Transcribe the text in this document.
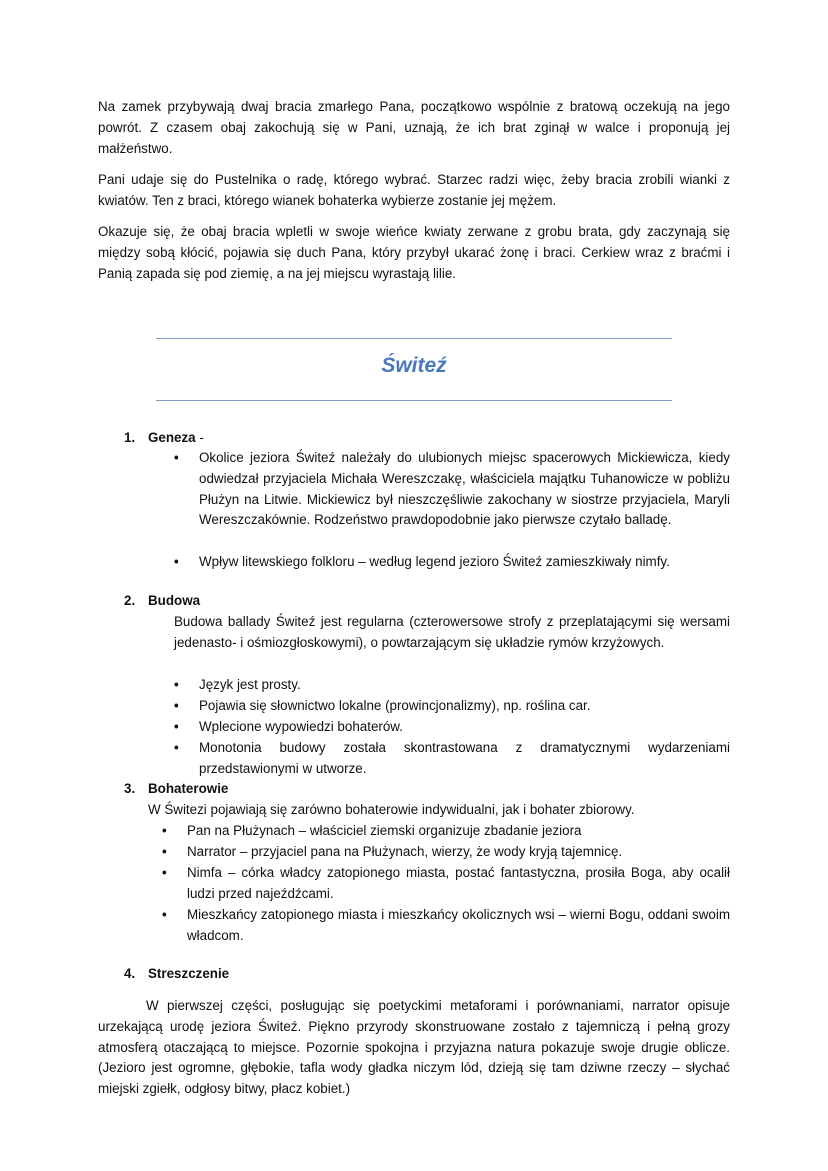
Na zamek przybywają dwaj bracia zmarłego Pana, początkowo wspólnie z bratową oczekują na jego powrót. Z czasem obaj zakochują się w Pani, uznają, że ich brat zginął w walce i proponują jej małżeństwo.

Pani udaje się do Pustelnika o radę, którego wybrać. Starzec radzi więc, żeby bracia zrobili wianki z kwiatów. Ten z braci, którego wianek bohaterka wybierze zostanie jej mężem.

Okazuje się, że obaj bracia wpletli w swoje wieńce kwiaty zerwane z grobu brata, gdy zaczynają się między sobą kłócić, pojawia się duch Pana, który przybył ukarać żonę i braci. Cerkiew wraz z braćmi i Panią zapada się pod ziemię, a na jej miejscu wyrastają lilie.

Świteź
1. Geneza -
• Okolice jeziora Świteź należały do ulubionych miejsc spacerowych Mickiewicza, kiedy odwiedzał przyjaciela Michała Wereszczakę, właściciela majątku Tuhanowicze w pobliżu Płużyn na Litwie. Mickiewicz był nieszczęśliwie zakochany w siostrze przyjaciela, Maryli Wereszczakównie. Rodzeństwo prawdopodobnie jako pierwsze czytało balladę.

• Wpływ litewskiego folkloru – według legend jezioro Świteź zamieszkiwały nimfy.

2. Budowa

Budowa ballady Świteź jest regularna (czterowersowe strofy z przeplatającymi się wersami jedenasto- i ośmiozgłoskowymi), o powtarzającym się układzie rymów krzyżowych.

• Język jest prosty.

• Pojawia się słownictwo lokalne (prowincjonalizmy), np. roślina car.

• Wplecione wypowiedzi bohaterów.

• Monotonia budowy została skontrastowana z dramatycznymi wydarzeniami przedstawionymi w utworze.

3. Bohaterowie

W Świtezi pojawiają się zarówno bohaterowie indywidualni, jak i bohater zbiorowy.

• Pan na Płużynach – właściciel ziemski organizuje zbadanie jeziora

• Narrator – przyjaciel pana na Płużynach, wierzy, że wody kryją tajemnicę.

• Nimfa – córka władcy zatopionego miasta, postać fantastyczna, prosiła Boga, aby ocalił ludzi przed najeźdźcami.

• Mieszkańcy zatopionego miasta i mieszkańcy okolicznych wsi – wierni Bogu, oddani swoim władcom.

4. Streszczenie

W pierwszej części, posługując się poetyckimi metaforami i porównaniami, narrator opisuje urzekającą urodę jeziora Świteź. Piękno przyrody skonstruowane zostało z tajemniczą i pełną grozy atmosferą otaczającą to miejsce. Pozornie spokojna i przyjazna natura pokazuje swoje drugie oblicze. (Jezioro jest ogromne, głębokie, tafla wody gładka niczym lód, dzieją się tam dziwne rzeczy – słychać miejski zgiełk, odgłosy bitwy, płacz kobiet.)
